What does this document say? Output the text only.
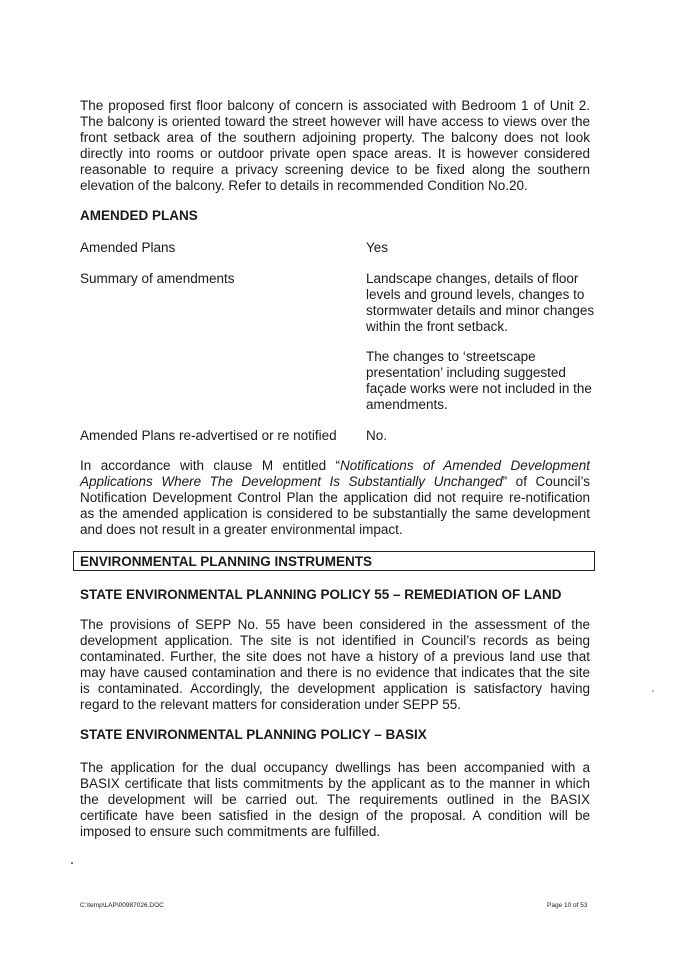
The proposed first floor balcony of concern is associated with Bedroom 1 of Unit 2. The balcony is oriented toward the street however will have access to views over the front setback area of the southern adjoining property. The balcony does not look directly into rooms or outdoor private open space areas. It is however considered reasonable to require a privacy screening device to be fixed along the southern elevation of the balcony. Refer to details in recommended Condition No.20.

AMENDED PLANS

Amended Plans	Yes

Summary of amendments	Landscape changes, details of floor levels and ground levels, changes to stormwater details and minor changes within the front setback.

The changes to ‘streetscape presentation’ including suggested façade works were not included in the amendments.

Amended Plans re-advertised or re notified No.

In accordance with clause M entitled “Notifications of Amended Development Applications Where The Development Is Substantially Unchanged” of Council’s Notification Development Control Plan the application did not require re-notification as the amended application is considered to be substantially the same development and does not result in a greater environmental impact.

ENVIRONMENTAL PLANNING INSTRUMENTS

STATE ENVIRONMENTAL PLANNING POLICY 55 – REMEDIATION OF LAND

The provisions of SEPP No. 55 have been considered in the assessment of the development application. The site is not identified in Council’s records as being contaminated. Further, the site does not have a history of a previous land use that may have caused contamination and there is no evidence that indicates that the site is contaminated. Accordingly, the development application is satisfactory having regard to the relevant matters for consideration under SEPP 55.

STATE ENVIRONMENTAL PLANNING POLICY – BASIX

The application for the dual occupancy dwellings has been accompanied with a BASIX certificate that lists commitments by the applicant as to the manner in which the development will be carried out. The requirements outlined in the BASIX certificate have been satisfied in the design of the proposal. A condition will be imposed to ensure such commitments are fulfilled.

C:\temp\LAP\00987026.DOC	Page 10 of 53
